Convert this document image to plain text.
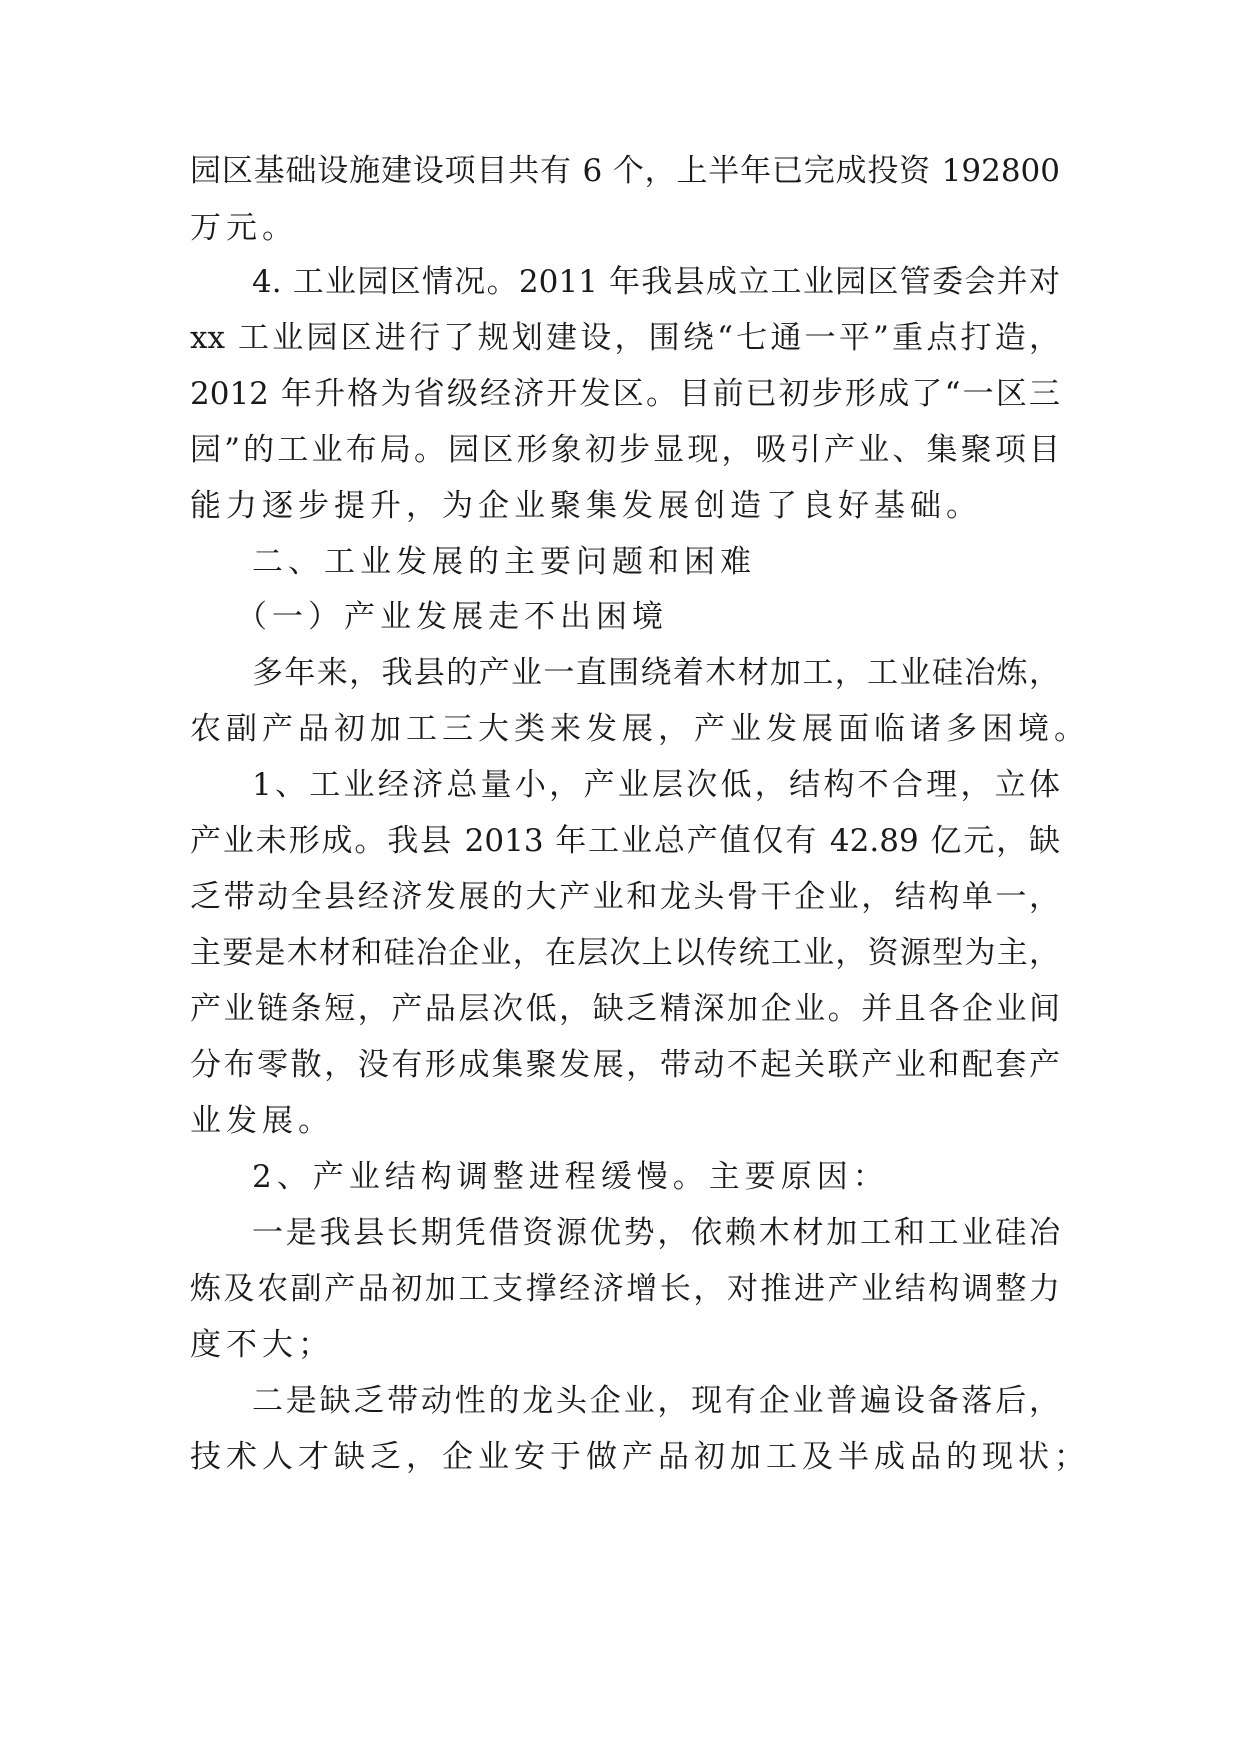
园区基础设施建设项目共有 6 个，上半年已完成投资 192800
万元。
4. 工业园区情况。2011 年我县成立工业园区管委会并对
xx 工业园区进行了规划建设，围绕“七通一平”重点打造，
2012 年升格为省级经济开发区。目前已初步形成了“一区三
园”的工业布局。园区形象初步显现，吸引产业、集聚项目
能力逐步提升，为企业聚集发展创造了良好基础。
二、工业发展的主要问题和困难
（一）产业发展走不出困境
多年来，我县的产业一直围绕着木材加工，工业硅冶炼，
农副产品初加工三大类来发展，产业发展面临诸多困境。
1、工业经济总量小，产业层次低，结构不合理，立体
产业未形成。我县 2013 年工业总产值仅有 42.89 亿元，缺
乏带动全县经济发展的大产业和龙头骨干企业，结构单一，
主要是木材和硅冶企业，在层次上以传统工业，资源型为主，
产业链条短，产品层次低，缺乏精深加企业。并且各企业间
分布零散，没有形成集聚发展，带动不起关联产业和配套产
业发展。
2、产业结构调整进程缓慢。主要原因：
一是我县长期凭借资源优势，依赖木材加工和工业硅冶
炼及农副产品初加工支撑经济增长，对推进产业结构调整力
度不大；
二是缺乏带动性的龙头企业，现有企业普遍设备落后，
技术人才缺乏，企业安于做产品初加工及半成品的现状；
